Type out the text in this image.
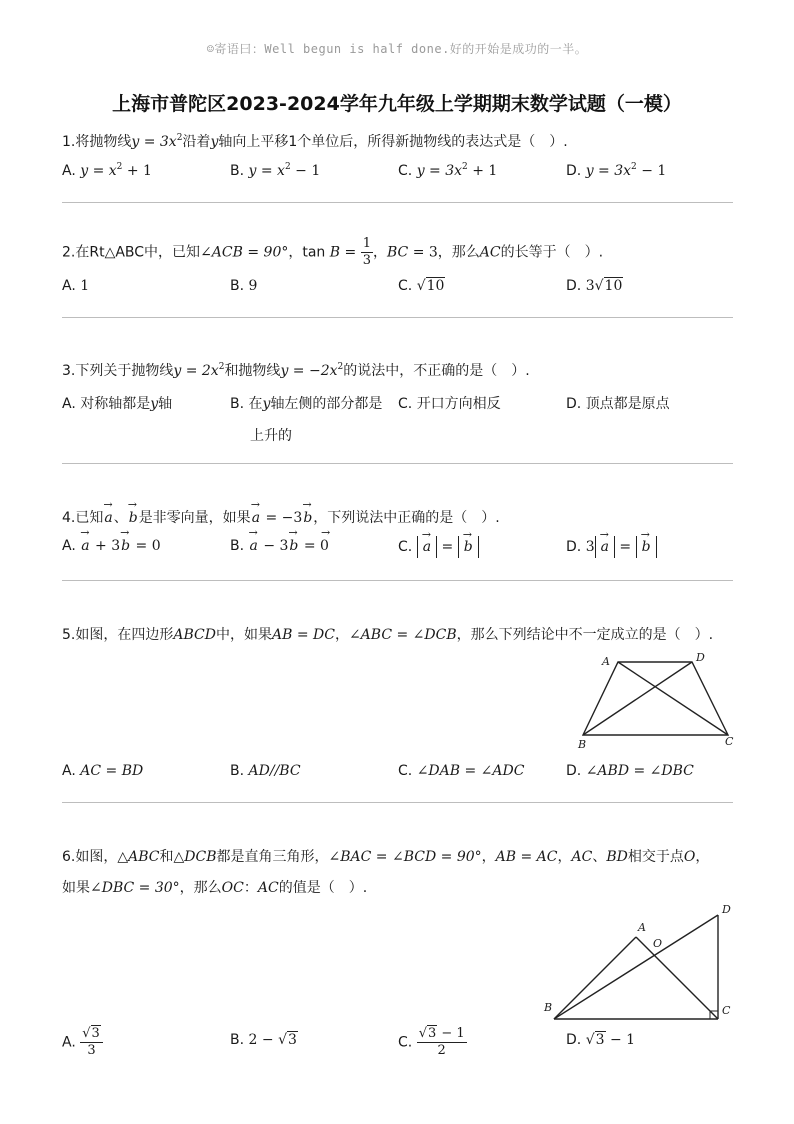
☺寄语曰：Well begun is half done.好的开始是成功的一半。
上海市普陀区2023-2024学年九年级上学期期末数学试题（一模）
1.将抛物线$y = 3x^2$沿着y轴向上平移1个单位后，所得新抛物线的表达式是（　）.
A. $y = x^2 + 1$	B. $y = x^2 - 1$	C. $y = 3x^2 + 1$	D. $y = 3x^2 - 1$
2.在Rt△ABC中，已知∠ACB = 90°，$\tan B = \frac{1}{3}$ ，BC = 3，那么AC的长等于（　）.
A. 1	B. 9	C. √10	D. 3√10
3.下列关于抛物线$y = 2x^2$和抛物线$y = -2x^2$的说法中，不正确的是（　）.
A. 对称轴都是y轴	B. 在y轴左侧的部分都是
上升的
C. 开口方向相反	D. 顶点都是原点
4.已知→ a、→ b是非零向量，如果→ a = −3→ b，下列说法中正确的是（　）.
A. → a + 3→ b = 0	B. → a − 3→ b = 0
→
C. → a = → b	D. 3 → a = → b
5.如图，在四边形ABCD中，如果AB = DC，∠ABC = ∠DCB，那么下列结论中不一定成立的是（　）.
A	D
B	C
A. AC = BD	B. AD//BC	C. ∠DAB = ∠ADC	D. ∠ABD = ∠DBC
6.如图，△ABC和△DCB都是直角三角形，∠BAC = ∠BCD = 90°，AB = AC，AC、BD相交于点O，
如果∠DBC = 30°，那么OC：AC的值是（　）.
A
O
D
B	C
A. $\frac{√3}{3}$	B. 2 − √3	C. $\frac{√3 - 1}{2}$	D. √3 − 1
